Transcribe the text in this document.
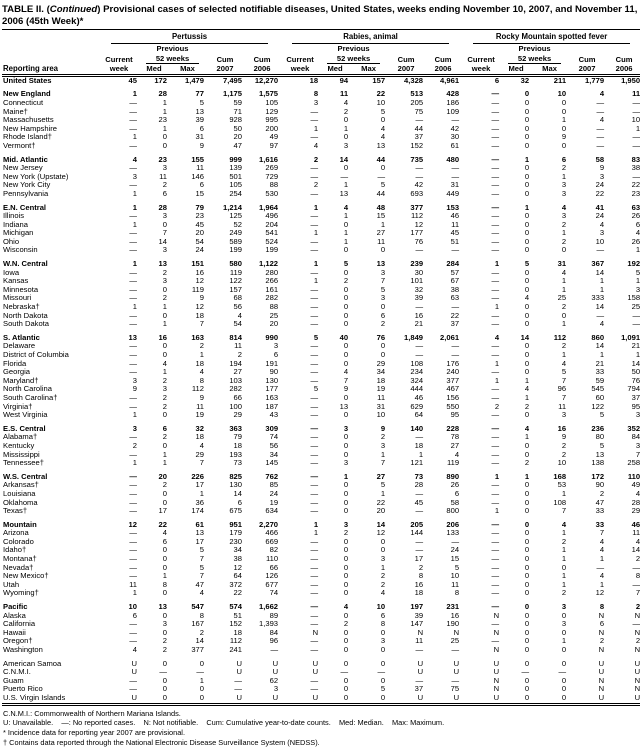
TABLE II. (Continued) Provisional cases of selected notifiable diseases, United States, weeks ending November 10, 2007, and November 11, 2006 (45th Week)*

Reporting area	Pertussis					Rabies, animal					Rocky Mountain spotted fever				

		Previous					Previous					Previous			
	Current	52 weeks		Cum	Cum	Current	52 weeks		Cum	Cum	Current	52 weeks		Cum	Cum
	week	Med	Max	2007	2006	week	Med	Max	2007	2006	week	Med	Max	2007	2006
United States	45	172	1,479	7,495	12,270	18	94	157	4,328	4,961	6	32	211	1,779	1,950
New England	1	28	77	1,175	1,575	8	11	22	513	428	—	0	10	4	11
Connecticut	—	1	5	59	105	3	4	10	205	186	—	0	0	—	—
Maine†	—	1	13	71	129	—	2	5	75	109	—	0	0	—	—
Massachusetts	—	23	39	928	995	—	0	0	—	—	—	0	1	4	10
New Hampshire	—	1	6	50	200	1	1	4	44	42	—	0	0	—	1
Rhode Island†	1	0	31	20	49	—	0	4	37	30	—	0	9	—	—
Vermont†	—	0	9	47	97	4	3	13	152	61	—	0	0	—	—
Mid. Atlantic	4	23	155	999	1,616	2	14	44	735	480	—	1	6	58	83
New Jersey	—	3	11	139	269	—	0	0	—	—	—	0	2	9	38
New York (Upstate)	3	11	146	501	729	—	—	—	—	—	—	0	1	3	—
New York City	—	2	6	105	88	2	1	5	42	31	—	0	3	24	22
Pennsylvania	1	6	15	254	530	—	13	44	693	449	—	0	3	22	23
E.N. Central	1	28	79	1,214	1,964	1	4	48	377	153	—	1	4	41	63
Illinois	—	3	23	125	496	—	1	15	112	46	—	0	3	24	26
Indiana	1	0	45	52	204	—	0	1	12	11	—	0	2	4	6
Michigan	—	7	20	249	541	1	1	27	177	45	—	0	1	3	4
Ohio	—	14	54	589	524	—	1	11	76	51	—	0	2	10	26
Wisconsin	—	3	24	199	199	—	0	0	—	—	—	0	0	—	1
W.N. Central	1	13	151	580	1,122	1	5	13	239	284	1	5	31	367	192
Iowa	—	2	16	119	280	—	0	3	30	57	—	0	4	14	5
Kansas	—	3	12	122	266	1	2	7	101	67	—	0	1	1	1
Minnesota	—	0	119	157	161	—	0	5	32	38	—	0	1	1	3
Missouri	—	2	9	68	282	—	0	3	39	63	—	4	25	333	158
Nebraska†	1	1	12	56	88	—	0	0	—	—	1	0	2	14	25
North Dakota	—	0	18	4	25	—	0	6	16	22	—	0	0	—	—
South Dakota	—	1	7	54	20	—	0	2	21	37	—	0	1	4	—
S. Atlantic	13	16	163	814	990	5	40	76	1,849	2,061	4	14	112	860	1,091
Delaware	—	0	2	11	3	—	0	0	—	—	—	0	2	14	21
District of Columbia	—	0	1	2	6	—	0	0	—	—	—	0	1	1	1
Florida	—	4	18	194	191	—	0	29	108	176	1	0	4	21	14
Georgia	—	1	4	27	90	—	4	34	234	240	—	0	5	33	50
Maryland†	3	2	8	103	130	—	7	18	324	377	1	1	7	59	76
North Carolina	9	3	112	282	177	5	9	19	444	467	—	4	96	545	794
South Carolina†	—	2	9	66	163	—	0	11	46	156	—	1	7	60	37
Virginia†	—	2	11	100	187	—	13	31	629	550	2	2	11	122	95
West Virginia	1	0	19	29	43	—	0	10	64	95	—	0	3	5	3
E.S. Central	3	6	32	363	309	—	3	9	140	228	—	4	16	236	352
Alabama†	—	2	18	79	74	—	0	2	—	78	—	1	9	80	84
Kentucky	2	0	4	18	56	—	0	3	18	27	—	0	2	5	3
Mississippi	—	1	29	193	34	—	0	1	1	4	—	0	2	13	7
Tennessee†	1	1	7	73	145	—	3	7	121	119	—	2	10	138	258
W.S. Central	—	20	226	825	762	—	1	27	73	890	1	1	168	172	110
Arkansas†	—	2	17	130	85	—	0	5	28	26	—	0	53	90	49
Louisiana	—	0	1	14	24	—	0	1	—	6	—	0	1	2	4
Oklahoma	—	0	36	6	19	—	0	22	45	58	—	0	108	47	28
Texas†	—	17	174	675	634	—	0	20	—	800	1	0	7	33	29
Mountain	12	22	61	951	2,270	1	3	14	205	206	—	0	4	33	46
Arizona	—	4	13	179	466	1	2	12	144	133	—	0	1	7	11
Colorado	—	6	17	230	669	—	0	0	—	—	—	0	2	4	4
Idaho†	—	0	5	34	82	—	0	0	—	24	—	0	1	4	14
Montana†	—	0	7	38	110	—	0	3	17	15	—	0	1	1	2
Nevada†	—	0	5	12	66	—	0	1	2	5	—	0	0	—	—
New Mexico†	—	1	7	64	126	—	0	2	8	10	—	0	1	4	8
Utah	11	8	47	372	677	—	0	2	16	11	—	0	1	1	—
Wyoming†	1	0	4	22	74	—	0	4	18	8	—	0	2	12	7
Pacific	10	13	547	574	1,662	—	4	10	197	231	—	0	3	8	2
Alaska	6	0	8	51	89	—	0	6	39	16	N	0	0	N	N
California	—	3	167	152	1,393	—	2	8	147	190	—	0	3	6	—
Hawaii	—	0	2	18	84	N	0	0	N	N	N	0	0	N	N
Oregon†	—	2	14	112	96	—	0	3	11	25	—	0	1	2	2
Washington	4	2	377	241	—	—	0	0	—	—	N	0	0	N	N
American Samoa	U	0	0	U	U	U	0	0	U	U	U	0	0	U	U
C.N.M.I.	U	—	—	U	U	U	—	—	U	U	U	—	—	U	U
Guam	—	0	1	—	62	—	0	0	—	—	N	0	0	N	N
Puerto Rico	—	0	0	—	3	—	0	5	37	75	N	0	0	N	N
U.S. Virgin Islands	U	0	0	U	U	U	0	0	U	U	U	0	0	U	U
C.N.M.I.: Commonwealth of Northern Mariana Islands.
U: Unavailable.    —: No reported cases.    N: Not notifiable.    Cum: Cumulative year-to-date counts.    Med: Median.    Max: Maximum.
* Incidence data for reporting year 2007 are provisional.
† Contains data reported through the National Electronic Disease Surveillance System (NEDSS).
